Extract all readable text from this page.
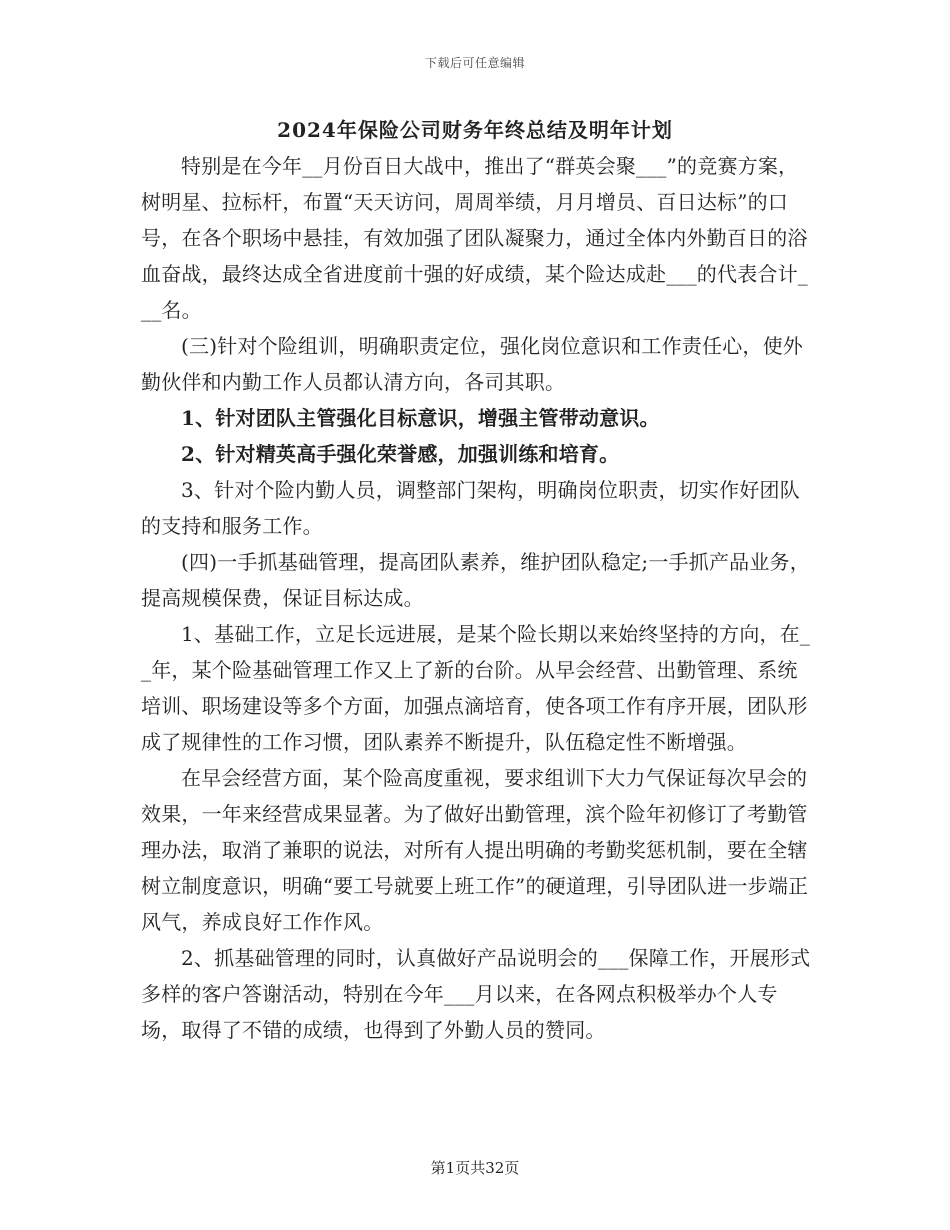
下载后可任意编辑
2024年保险公司财务年终总结及明年计划

特别是在今年__月份百日大战中，推出了“群英会聚___”的竞赛方案，树明星、拉标杆，布置“天天访问，周周举绩，月月增员、百日达标”的口号，在各个职场中悬挂，有效加强了团队凝聚力，通过全体内外勤百日的浴血奋战，最终达成全省进度前十强的好成绩，某个险达成赴___的代表合计___名。

(三)针对个险组训，明确职责定位，强化岗位意识和工作责任心，使外勤伙伴和内勤工作人员都认清方向，各司其职。

1、针对团队主管强化目标意识，增强主管带动意识。

2、针对精英高手强化荣誉感，加强训练和培育。

3、针对个险内勤人员，调整部门架构，明确岗位职责，切实作好团队的支持和服务工作。

(四)一手抓基础管理，提高团队素养，维护团队稳定;一手抓产品业务，提高规模保费，保证目标达成。

1、基础工作，立足长远进展，是某个险长期以来始终坚持的方向，在__年，某个险基础管理工作又上了新的台阶。从早会经营、出勤管理、系统培训、职场建设等多个方面，加强点滴培育，使各项工作有序开展，团队形成了规律性的工作习惯，团队素养不断提升，队伍稳定性不断增强。

在早会经营方面，某个险高度重视，要求组训下大力气保证每次早会的效果，一年来经营成果显著。为了做好出勤管理，滨个险年初修订了考勤管理办法，取消了兼职的说法，对所有人提出明确的考勤奖惩机制，要在全辖树立制度意识，明确“要工号就要上班工作”的硬道理，引导团队进一步端正风气，养成良好工作作风。

2、抓基础管理的同时，认真做好产品说明会的___保障工作，开展形式多样的客户答谢活动，特别在今年___月以来，在各网点积极举办个人专场，取得了不错的成绩，也得到了外勤人员的赞同。

第1页共32页
